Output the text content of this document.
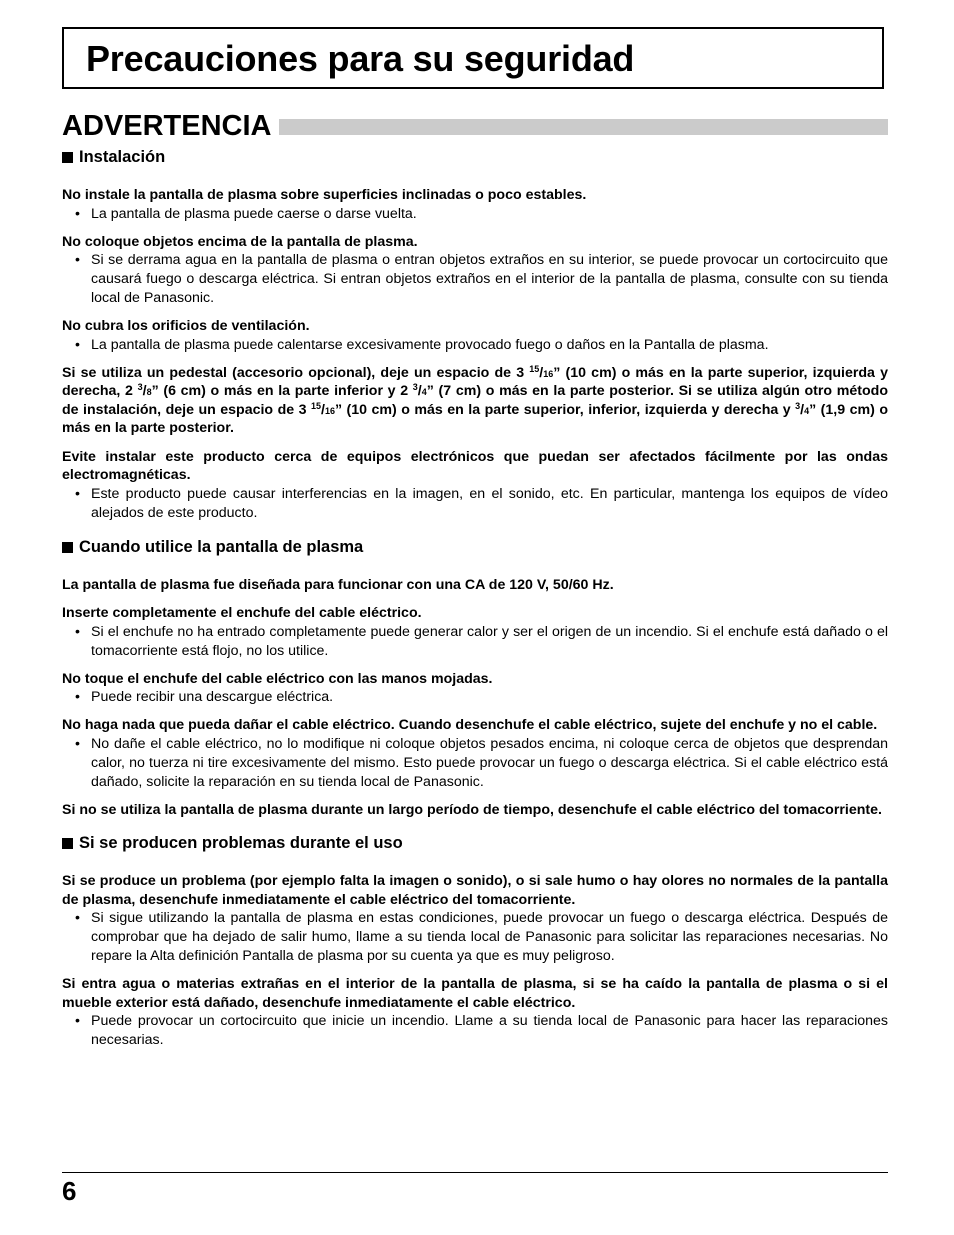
Precauciones para su seguridad
ADVERTENCIA

Instalación

No instale la pantalla de plasma sobre superficies inclinadas o poco estables.

• La pantalla de plasma puede caerse o darse vuelta.

No coloque objetos encima de la pantalla de plasma.

• Si se derrama agua en la pantalla de plasma o entran objetos extraños en su interior, se puede provocar un cortocircuito que causará fuego o descarga eléctrica. Si entran objetos extraños en el interior de la pantalla de plasma, consulte con su tienda local de Panasonic.

No cubra los orificios de ventilación.

• La pantalla de plasma puede calentarse excesivamente provocado fuego o daños en la Pantalla de plasma.

Si se utiliza un pedestal (accesorio opcional), deje un espacio de 3 $^{15}$/16” (10 cm) o más en la parte superior, izquierda y derecha, 2 $^3$/8” (6 cm) o más en la parte inferior y 2 $^3$/4” (7 cm) o más en la parte posterior. Si se utiliza algún otro método de instalación, deje un espacio de 3 $^{15}$/16” (10 cm) o más en la parte superior, inferior, izquierda y derecha y $^3$/4” (1,9 cm) o más en la parte posterior.

Evite instalar este producto cerca de equipos electrónicos que puedan ser afectados fácilmente por las ondas electromagnéticas.

• Este producto puede causar interferencias en la imagen, en el sonido, etc. En particular, mantenga los equipos de vídeo alejados de este producto.

Cuando utilice la pantalla de plasma

La pantalla de plasma fue diseñada para funcionar con una CA de 120 V, 50/60 Hz.

Inserte completamente el enchufe del cable eléctrico.

• Si el enchufe no ha entrado completamente puede generar calor y ser el origen de un incendio. Si el enchufe está dañado o el tomacorriente está flojo, no los utilice.

No toque el enchufe del cable eléctrico con las manos mojadas.

• Puede recibir una descargue eléctrica.

No haga nada que pueda dañar el cable eléctrico. Cuando desenchufe el cable eléctrico, sujete del enchufe y no el cable.

• No dañe el cable eléctrico, no lo modifique ni coloque objetos pesados encima, ni coloque cerca de objetos que desprendan calor, no tuerza ni tire excesivamente del mismo. Esto puede provocar un fuego o descarga eléctrica. Si el cable eléctrico está dañado, solicite la reparación en su tienda local de Panasonic.

Si no se utiliza la pantalla de plasma durante un largo período de tiempo, desenchufe el cable eléctrico del tomacorriente.

Si se producen problemas durante el uso

Si se produce un problema (por ejemplo falta la imagen o sonido), o si sale humo o hay olores no normales de la pantalla de plasma, desenchufe inmediatamente el cable eléctrico del tomacorriente.

• Si sigue utilizando la pantalla de plasma en estas condiciones, puede provocar un fuego o descarga eléctrica. Después de comprobar que ha dejado de salir humo, llame a su tienda local de Panasonic para solicitar las reparaciones necesarias. No repare la Alta definición Pantalla de plasma por su cuenta ya que es muy peligroso.

Si entra agua o materias extrañas en el interior de la pantalla de plasma, si se ha caído la pantalla de plasma o si el mueble exterior está dañado, desenchufe inmediatamente el cable eléctrico.

• Puede provocar un cortocircuito que inicie un incendio. Llame a su tienda local de Panasonic para hacer las reparaciones necesarias.

6
